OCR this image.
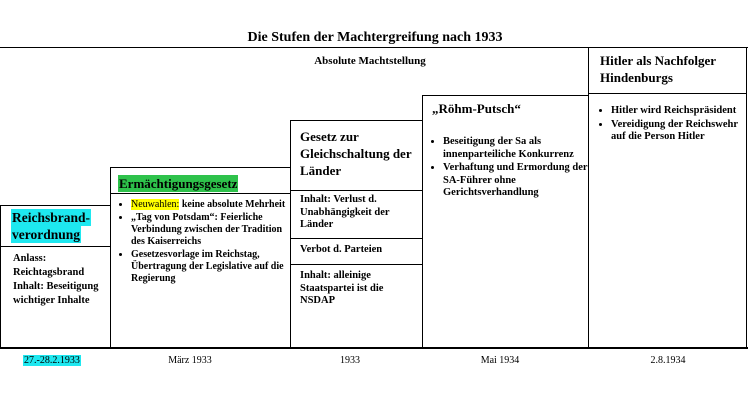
Die Stufen der Machtergreifung nach 1933
Absolute Machtstellung	Hitler als Nachfolger Hindenburgs
• Hitler wird Reichspräsident
• Vereidigung der Reichswehr auf die Person Hitler
„Röhm-Putsch“
• Beseitigung der Sa als innenparteiliche Konkurrenz
• Verhaftung und Ermordung der SA-Führer ohne Gerichtsverhandlung
Gesetz zur Gleichschaltung der Länder
Inhalt: Verlust d. Unabhängigkeit der Länder
Verbot d. Parteien
Inhalt: alleinige Staatspartei ist die NSDAP
Ermächtigungsgesetz
• Neuwahlen: keine absolute Mehrheit
• „Tag von Potsdam“: Feierliche Verbindung zwischen der Tradition des Kaiserreichs
• Gesetzesvorlage im Reichstag, Übertragung der Legislative auf die Regierung
Reichsbrand-
verordnung
Anlass: Reichtagsbrand Inhalt: Beseitigung wichtiger Inhalte
27.-28.2.1933	März 1933	1933	Mai 1934	2.8.1934
